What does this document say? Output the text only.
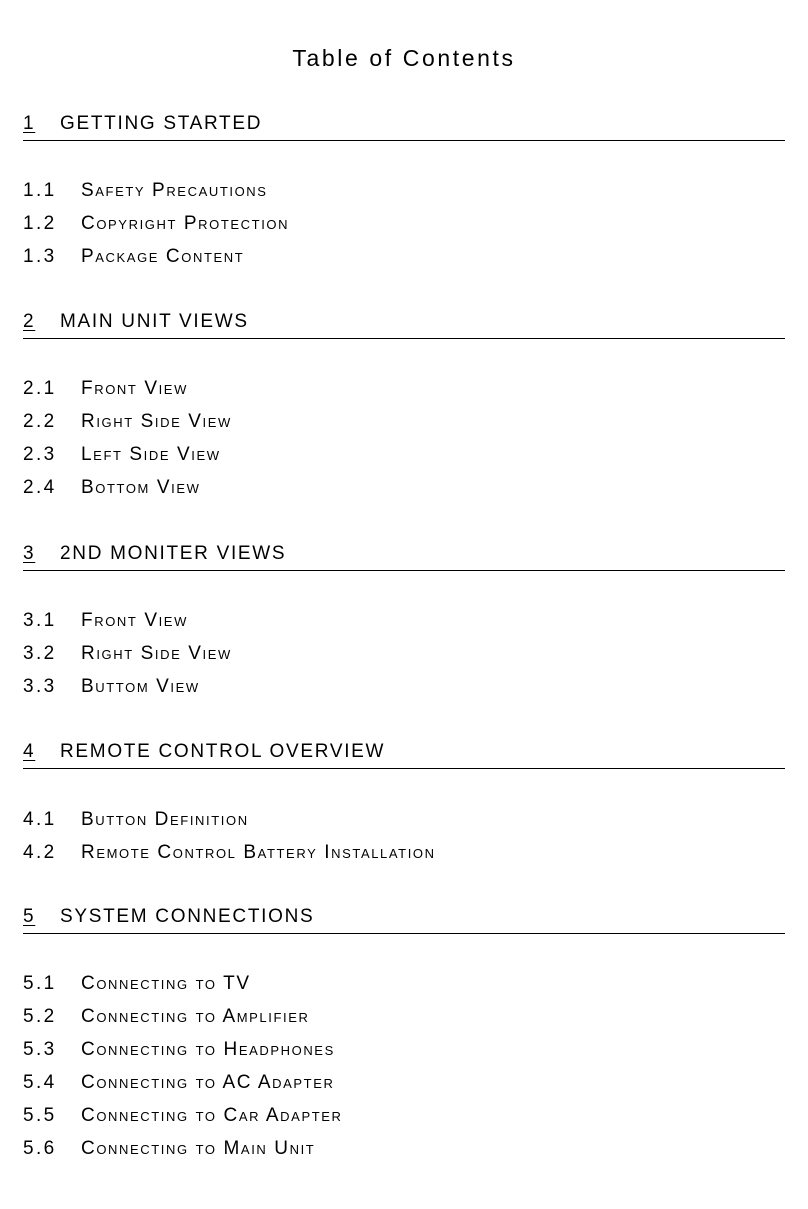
Table of Contents
1 GETTING STARTED
1.1 Safety Precautions
1.2 Copyright Protection
1.3 Package Content
2 MAIN UNIT VIEWS
2.1 Front View
2.2 Right Side View
2.3 Left Side View
2.4 Bottom View
3 2ND MONITER VIEWS
3.1 Front View
3.2 Right Side View
3.3 Buttom View
4 REMOTE CONTROL OVERVIEW
4.1 Button Definition
4.2 Remote Control Battery Installation
5 SYSTEM CONNECTIONS
5.1 Connecting to TV
5.2 Connecting to Amplifier
5.3 Connecting to Headphones
5.4 Connecting to AC Adapter
5.5 Connecting to Car Adapter
5.6 Connecting to Main Unit
